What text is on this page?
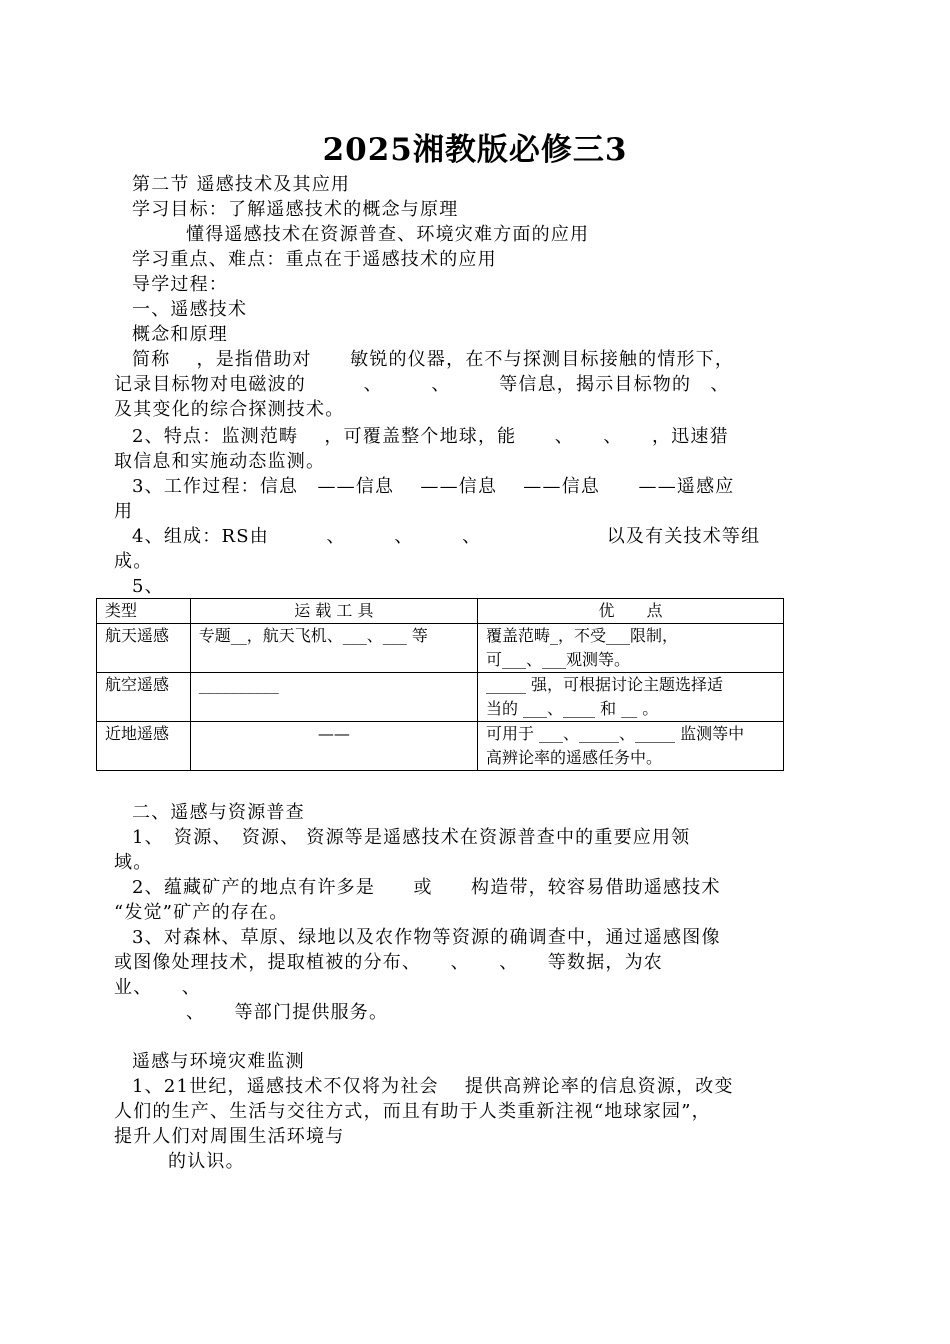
2025湘教版必修三3
第二节 遥感技术及其应用
学习目标：了解遥感技术的概念与原理
懂得遥感技术在资源普查、环境灾难方面的应用
学习重点、难点：重点在于遥感技术的应用
导学过程：
一、遥感技术
概念和原理
简称　 ，是指借助对　　敏锐的仪器，在不与探测目标接触的情形下，
记录目标物对电磁波的　　　、　　　、　　　等信息，揭示目标物的　、
及其变化的综合探测技术。
2、特点：监测范畴　 ，可覆盖整个地球，能　　、　　、　　，迅速猎
取信息和实施动态监测。
3、工作过程：信息　——信息　 ——信息　 ——信息　　——遥感应
用
4、组成：RS由　　　、　　　、　　　、　　　　　　　以及有关技术等组
成。
5、
类型	运 载 工 具	优　　点
航天遥感	专题__，航天飞机、___、___ 等	覆盖范畴_，不受___限制，
可___、___观测等。

航空遥感	__________	_____ 强，可根据讨论主题选择适
当的 ___、____ 和 __ 。

近地遥感	——	可用于 ___、_____、_____ 监测等中
高辨论率的遥感任务中。
二、遥感与资源普查
1、　资源、　资源、 资源等是遥感技术在资源普查中的重要应用领
域。
2、蕴藏矿产的地点有许多是　　或　　构造带，较容易借助遥感技术
“发觉”矿产的存在。
3、对森林、草原、绿地以及农作物等资源的确调查中，通过遥感图像
或图像处理技术，提取植被的分布、　　、　　、　　等数据，为农
业、　　、
、　　等部门提供服务。
遥感与环境灾难监测
1、21世纪，遥感技术不仅将为社会　 提供高辨论率的信息资源，改变
人们的生产、生活与交往方式，而且有助于人类重新注视“地球家园”，
提升人们对周围生活环境与
的认识。
